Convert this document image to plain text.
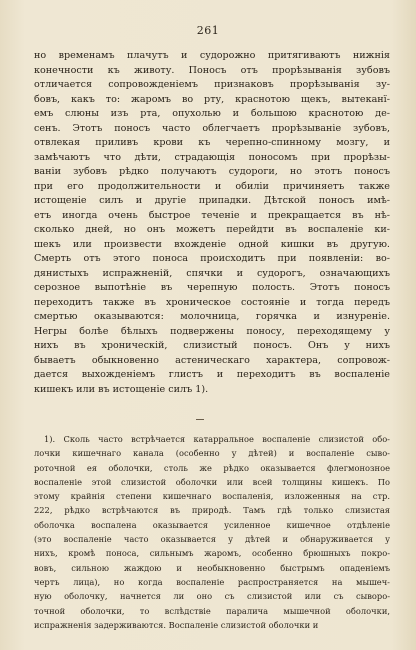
261
но временамъ плачутъ и судорожно притягиваютъ нижнія
конечности къ животу. Поносъ отъ прорѣзыванія зубовъ
отличается сопровожденіемъ признаковъ прорѣзыванія зу-
бовъ, какъ то: жаромъ во рту, краснотою щекъ, вытеканї-
емъ слюны изъ рта, опухолью и большою краснотою де-
сенъ. Этотъ поносъ часто облегчаетъ прорѣзываніе зубовъ,
отвлекая приливъ крови къ черепно-спинному мозгу, и
замѣчаютъ что дѣти, страдающія поносомъ при прорѣзы-
ваніи зубовъ рѣдко получаютъ судороги, но этотъ поносъ
при его продолжительности и обиліи причиняетъ также
истощеніе силъ и другіе припадки. Дѣтской поносъ имѣ-
етъ иногда очень быстрое теченіе и прекращается въ нѣ-
сколько дней, но онъ можетъ перейдти въ воспаленіе ки-
шекъ или произвести вхожденіе одной кишки въ другую.
Смерть отъ этого поноса происходитъ при появленіи: во-
дянистыхъ испражненій, спячки и судорогъ, означающихъ
серозное выпотѣніе въ черепную полость. Этотъ поносъ
переходитъ также въ хроническое состояніе и тогда передъ
смертью оказываются: молочница, горячка и изнуреніе.
Негры болѣе бѣлыхъ подвержены поносу, переходящему у
нихъ въ хроническій, слизистый поносъ. Онъ у нихъ
бываетъ обыкновенно астеническаго характера, сопровож-
дается выхожденіемъ глистъ и переходитъ въ воспаленіе
кишекъ или въ истощеніе силъ 1).
1). Сколь часто встрѣчается катарральное воспаленіе слизистой обо-
лочки кишечнаго канала (особенно у дѣтей) и воспаленіе сыво-
роточной ея оболочки, столь же рѣдко оказывается флегмонозное
воспаленіе этой слизистой оболочки или всей толщины кишекъ. По
этому крайнія степени кишечнаго воспаленія, изложенныя на стр.
222, рѣдко встрѣчаются въ природѣ. Тамъ гдѣ только слизистая
оболочка воспалена оказывается усиленное кишечное отдѣленіе
(это воспаленіе часто оказывается у дѣтей и обнаруживается у
нихъ, кромѣ поноса, сильнымъ жаромъ, особенно брюшныхъ покро-
вовъ, сильною жаждою и необыкновенно быстрымъ опаденіемъ
чертъ лица), но когда воспаленіе распространяется на мышеч-
ную оболочку, начнется ли оно съ слизистой или съ сыворо-
точной оболочки, то вслѣдствіе паралича мышечной оболочки,
испражненія задерживаются. Воспаленіе слизистой оболочки и
